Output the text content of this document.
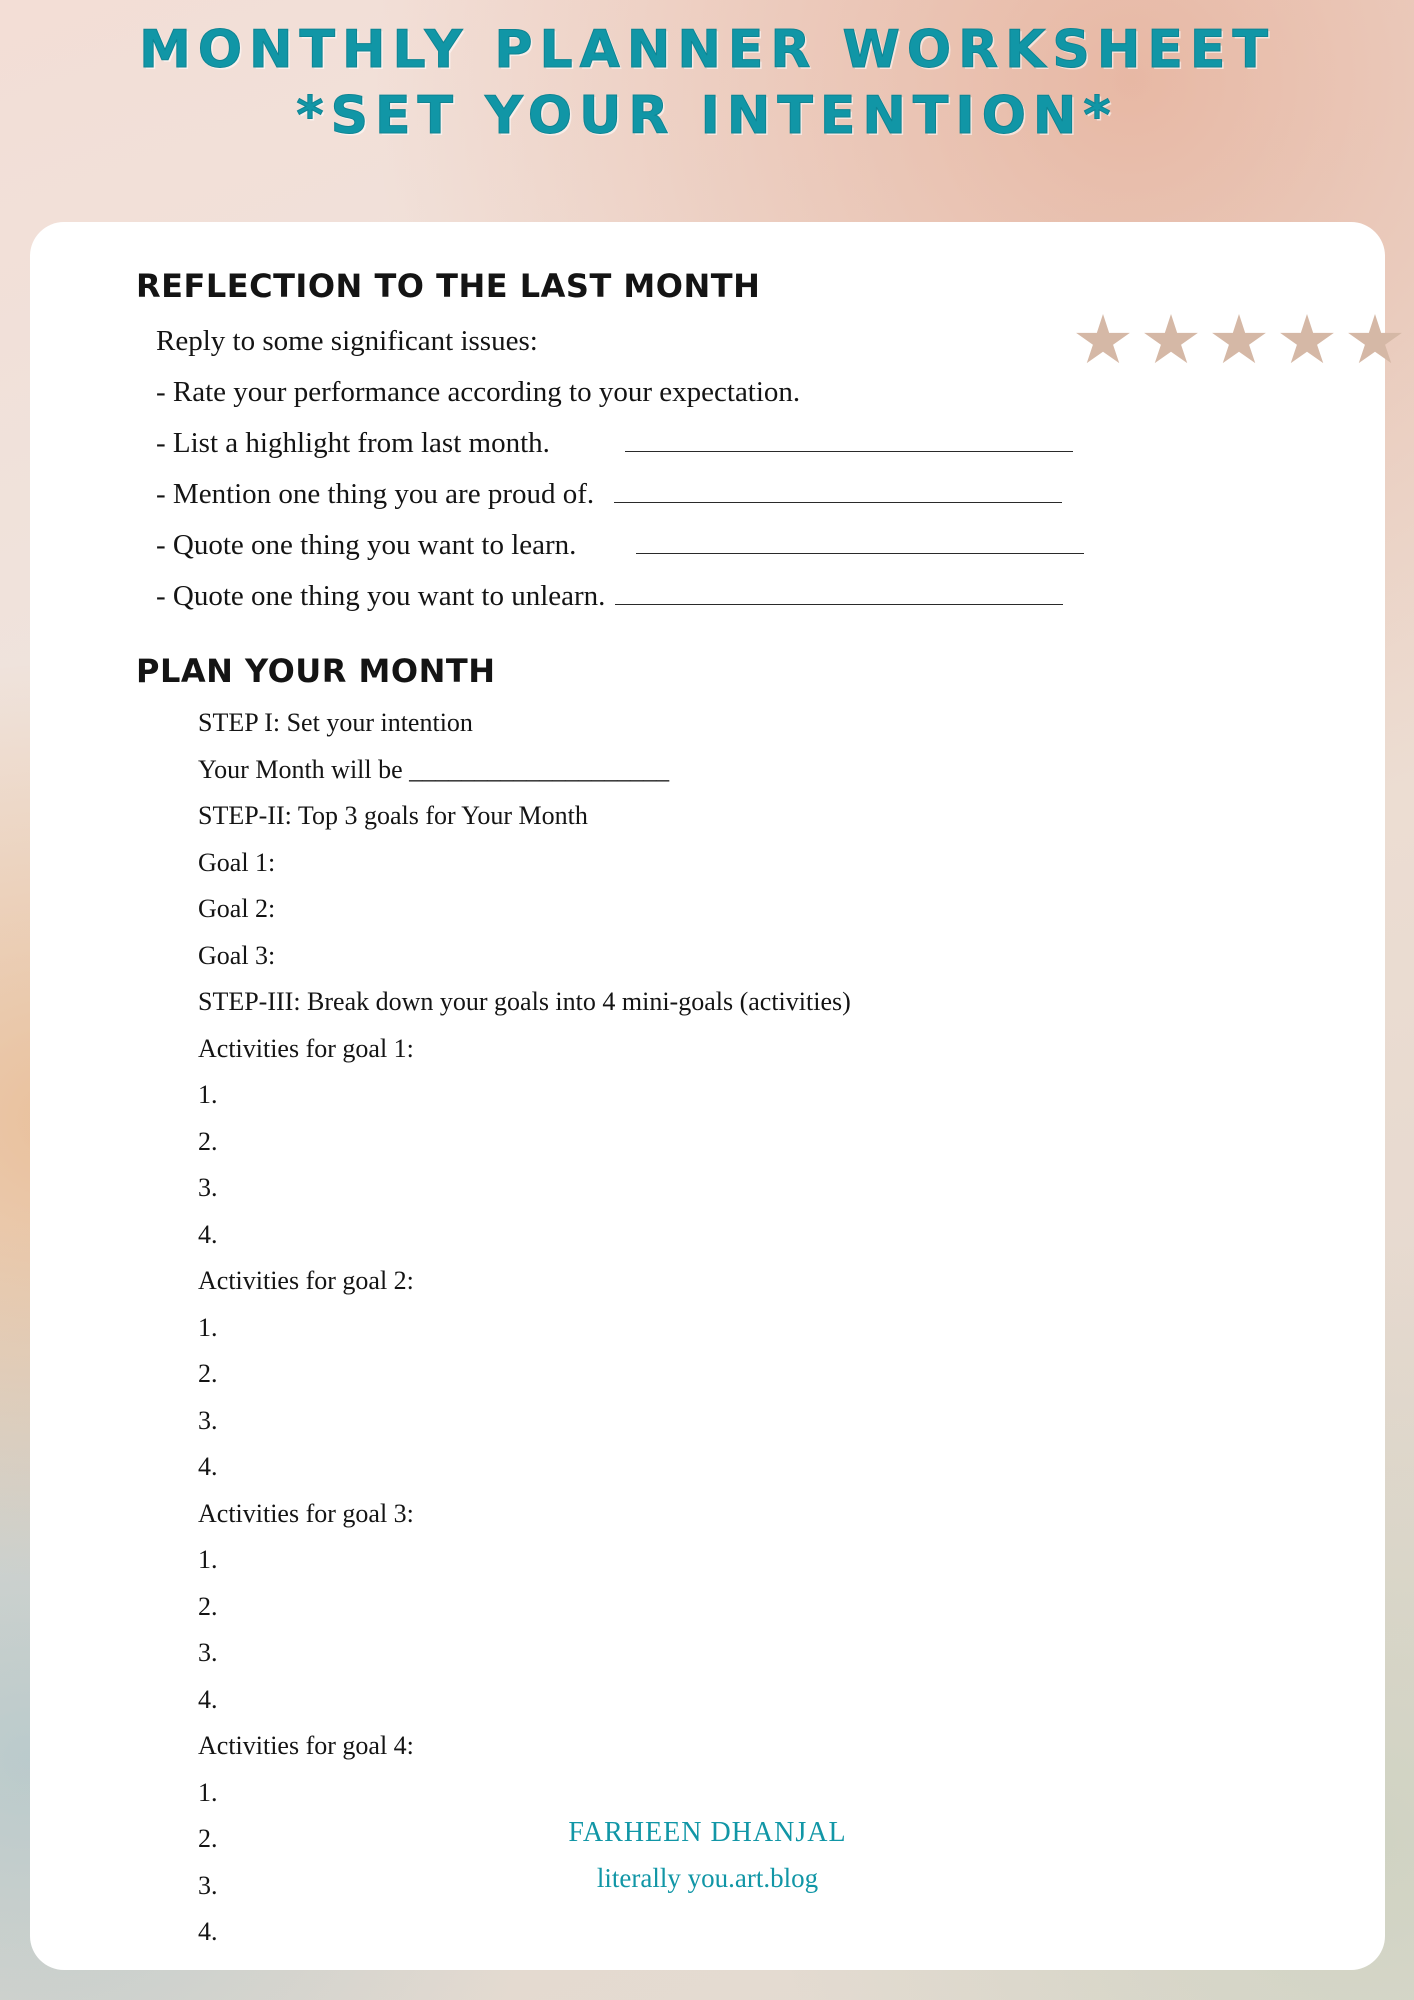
MONTHLY PLANNER WORKSHEET
*SET YOUR INTENTION*
REFLECTION TO THE LAST MONTH
Reply to some significant issues:
- Rate your performance according to your expectation.
- List a highlight from last month.
- Mention one thing you are proud of.
- Quote one thing you want to learn.
- Quote one thing you want to unlearn.
PLAN YOUR MONTH
STEP I: Set your intention
Your Month will be ____________________
STEP-II: Top 3 goals for Your Month
Goal 1:
Goal 2:
Goal 3:
STEP-III: Break down your goals into 4 mini-goals (activities)
Activities for goal 1:
1.
2.
3.
4.
Activities for goal 2:
1.
2.
3.
4.
Activities for goal 3:
1.
2.
3.
4.
Activities for goal 4:
1.
2.
3.
4.
FARHEEN DHANJAL
literally you.art.blog
